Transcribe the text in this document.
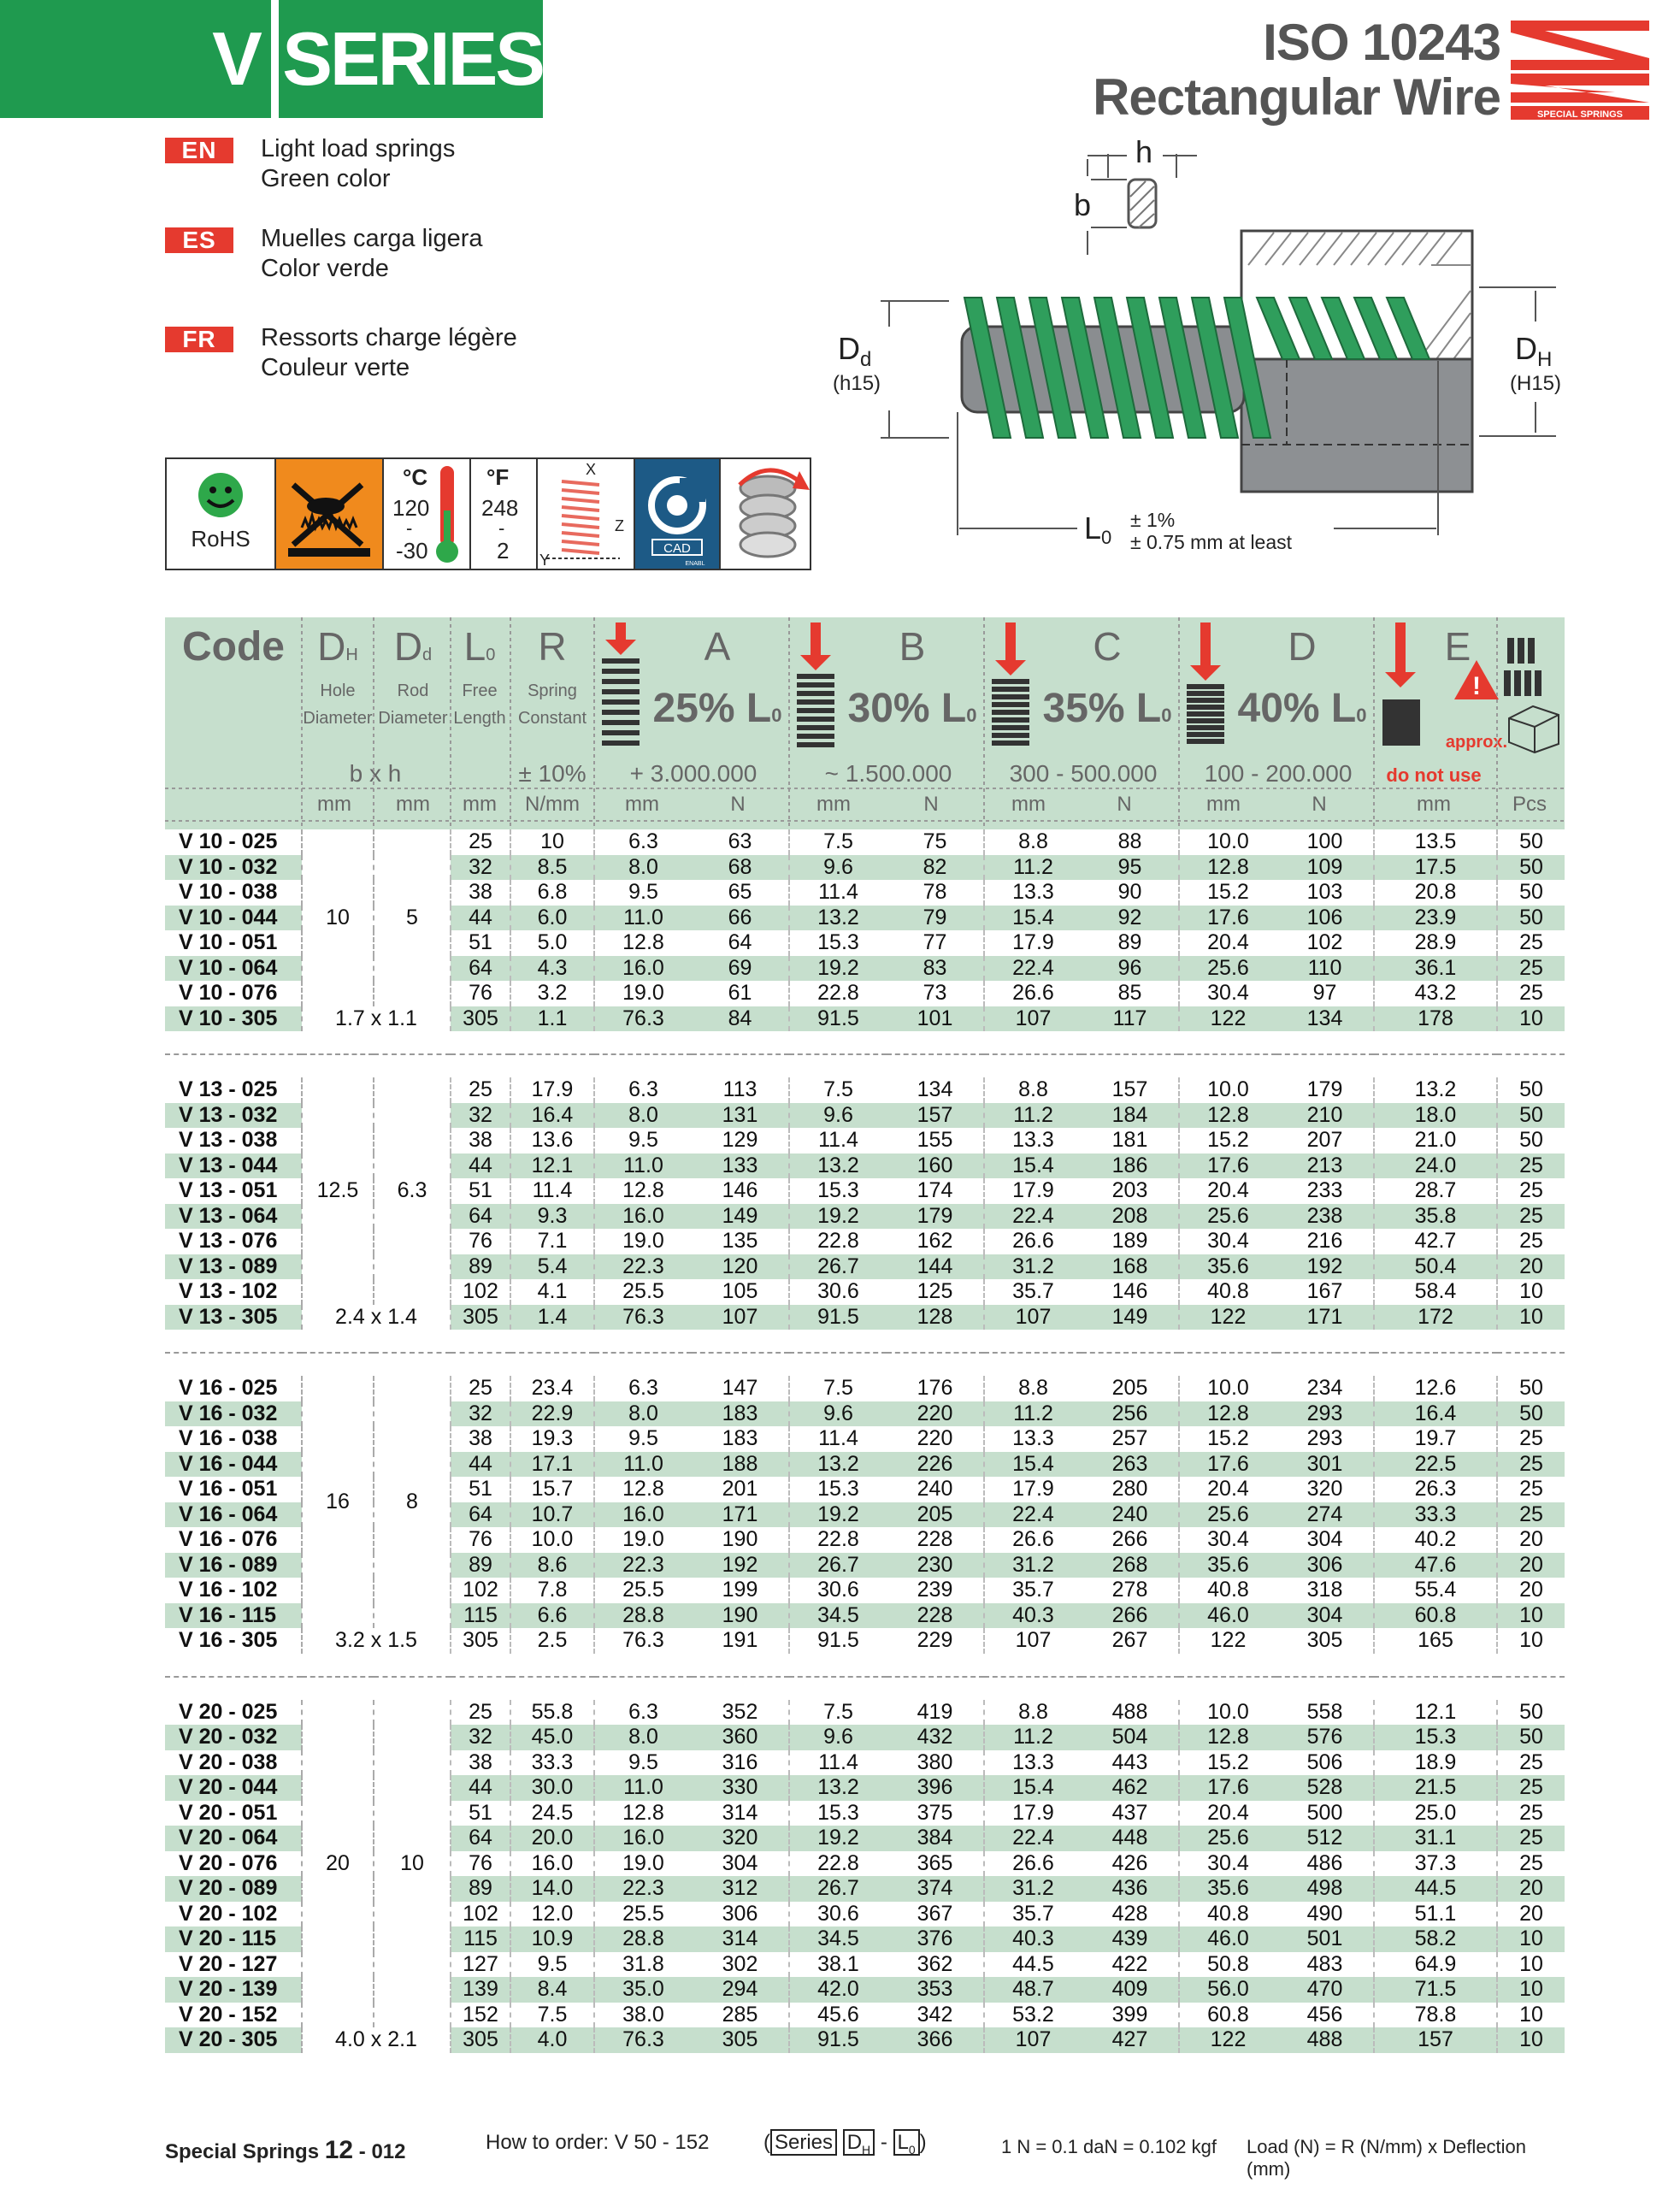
V SERIES	ISO 10243
Rectangular Wire	SPECIAL SPRINGS
EN	Light load springs
Green color
ES	Muelles carga ligera
Color verde
FR	Ressorts charge légère
Couleur verte
RoHS
°C
120
-
-30
°F
248
-
2
X
Y
Z
CAD
ENABL
h
b
$D_d$
(h15)
$D_H$
(H15)
L0
± 1%
± 0.75 mm at least
Code DH
Hole
Diameter
Dd
Rod
Diameter
L0
Free
Length
R
Spring
Constant
b x h	± 10%
A
25% L0
+ 3.000.000
B
30% L0
~ 1.500.000
C
35% L0
300 - 500.000
D
40% L0
100 - 200.000
E
approx.
do not use
mm mm mm N/mm mm	N	mm	N	mm	N	mm	N	mm	Pcs
!
V 10 - 025	10	5	25	10	6.3	63	7.5	75	8.8	88	10.0	100	13.5	50
V 10 - 032			32	8.5	8.0	68	9.6	82	11.2	95	12.8	109	17.5	50
V 10 - 038			38	6.8	9.5	65	11.4	78	13.3	90	15.2	103	20.8	50
V 10 - 044			44	6.0	11.0	66	13.2	79	15.4	92	17.6	106	23.9	50
V 10 - 051			51	5.0	12.8	64	15.3	77	17.9	89	20.4	102	28.9	25
V 10 - 064			64	4.3	16.0	69	19.2	83	22.4	96	25.6	110	36.1	25
V 10 - 076			76	3.2	19.0	61	22.8	73	26.6	85	30.4	97	43.2	25
V 10 - 305	1.7 x 1.1		305	1.1	76.3	84	91.5	101	107	117	122	134	178	10

V 13 - 025	12.5	6.3	25	17.9	6.3	113	7.5	134	8.8	157	10.0	179	13.2	50
V 13 - 032			32	16.4	8.0	131	9.6	157	11.2	184	12.8	210	18.0	50
V 13 - 038			38	13.6	9.5	129	11.4	155	13.3	181	15.2	207	21.0	50
V 13 - 044			44	12.1	11.0	133	13.2	160	15.4	186	17.6	213	24.0	25
V 13 - 051			51	11.4	12.8	146	15.3	174	17.9	203	20.4	233	28.7	25
V 13 - 064			64	9.3	16.0	149	19.2	179	22.4	208	25.6	238	35.8	25
V 13 - 076			76	7.1	19.0	135	22.8	162	26.6	189	30.4	216	42.7	25
V 13 - 089			89	5.4	22.3	120	26.7	144	31.2	168	35.6	192	50.4	20
V 13 - 102			102	4.1	25.5	105	30.6	125	35.7	146	40.8	167	58.4	10
V 13 - 305	2.4 x 1.4		305	1.4	76.3	107	91.5	128	107	149	122	171	172	10

V 16 - 025	16	8	25	23.4	6.3	147	7.5	176	8.8	205	10.0	234	12.6	50
V 16 - 032			32	22.9	8.0	183	9.6	220	11.2	256	12.8	293	16.4	50
V 16 - 038			38	19.3	9.5	183	11.4	220	13.3	257	15.2	293	19.7	25
V 16 - 044			44	17.1	11.0	188	13.2	226	15.4	263	17.6	301	22.5	25
V 16 - 051			51	15.7	12.8	201	15.3	240	17.9	280	20.4	320	26.3	25
V 16 - 064			64	10.7	16.0	171	19.2	205	22.4	240	25.6	274	33.3	25
V 16 - 076			76	10.0	19.0	190	22.8	228	26.6	266	30.4	304	40.2	20
V 16 - 089			89	8.6	22.3	192	26.7	230	31.2	268	35.6	306	47.6	20
V 16 - 102			102	7.8	25.5	199	30.6	239	35.7	278	40.8	318	55.4	20
V 16 - 115			115	6.6	28.8	190	34.5	228	40.3	266	46.0	304	60.8	10
V 16 - 305	3.2 x 1.5		305	2.5	76.3	191	91.5	229	107	267	122	305	165	10

V 20 - 025	20	10	25	55.8	6.3	352	7.5	419	8.8	488	10.0	558	12.1	50
V 20 - 032			32	45.0	8.0	360	9.6	432	11.2	504	12.8	576	15.3	50
V 20 - 038			38	33.3	9.5	316	11.4	380	13.3	443	15.2	506	18.9	25
V 20 - 044			44	30.0	11.0	330	13.2	396	15.4	462	17.6	528	21.5	25
V 20 - 051			51	24.5	12.8	314	15.3	375	17.9	437	20.4	500	25.0	25
V 20 - 064			64	20.0	16.0	320	19.2	384	22.4	448	25.6	512	31.1	25
V 20 - 076			76	16.0	19.0	304	22.8	365	26.6	426	30.4	486	37.3	25
V 20 - 089			89	14.0	22.3	312	26.7	374	31.2	436	35.6	498	44.5	20
V 20 - 102			102	12.0	25.5	306	30.6	367	35.7	428	40.8	490	51.1	20
V 20 - 115			115	10.9	28.8	314	34.5	376	40.3	439	46.0	501	58.2	10
V 20 - 127			127	9.5	31.8	302	38.1	362	44.5	422	50.8	483	64.9	10
V 20 - 139			139	8.4	35.0	294	42.0	353	48.7	409	56.0	470	71.5	10
V 20 - 152			152	7.5	38.0	285	45.6	342	53.2	399	60.8	456	78.8	10
V 20 - 305	4.0 x 2.1		305	4.0	76.3	305	91.5	366	107	427	122	488	157	10
Special Springs 12 - 012	How to order: V 50 - 152	( Series $D_H - L_0$ )	1 N = 0.1 daN = 0.102 kgf Load (N) = R (N/mm) x Deflection (mm)
